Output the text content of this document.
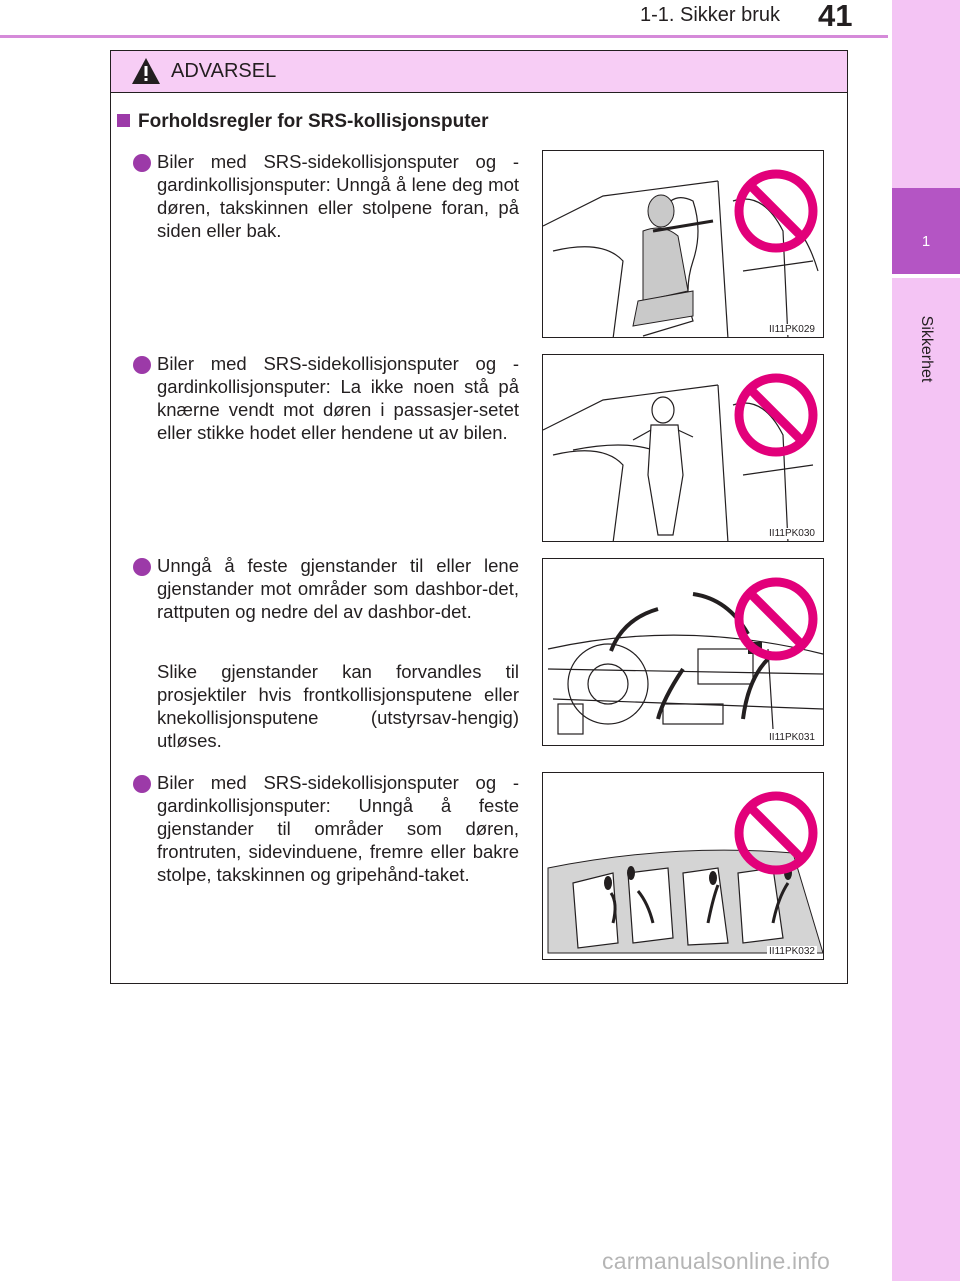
1-1. Sikker bruk 41
1
Sikkerhet
ADVARSEL
Forholdsregler for SRS-kollisjonsputer
Biler med SRS-sidekollisjonsputer og -gardinkollisjonsputer: Unngå å lene deg mot døren, takskinnen eller stolpene foran, på siden eller bak.
II11PK029
Biler med SRS-sidekollisjonsputer og -gardinkollisjonsputer: La ikke noen stå på knærne vendt mot døren i passasjer-setet eller stikke hodet eller hendene ut av bilen.
II11PK030
Unngå å feste gjenstander til eller lene gjenstander mot områder som dashbor-det, rattputen og nedre del av dashbor-det.
Slike gjenstander kan forvandles til prosjektiler hvis frontkollisjonsputene eller knekollisjonsputene (utstyrsav-hengig) utløses.	II11PK031
Biler med SRS-sidekollisjonsputer og -gardinkollisjonsputer: Unngå å feste gjenstander til områder som døren, frontruten, sidevinduene, fremre eller bakre stolpe, takskinnen og gripehånd-taket.
II11PK032
carmanualsonline.info
